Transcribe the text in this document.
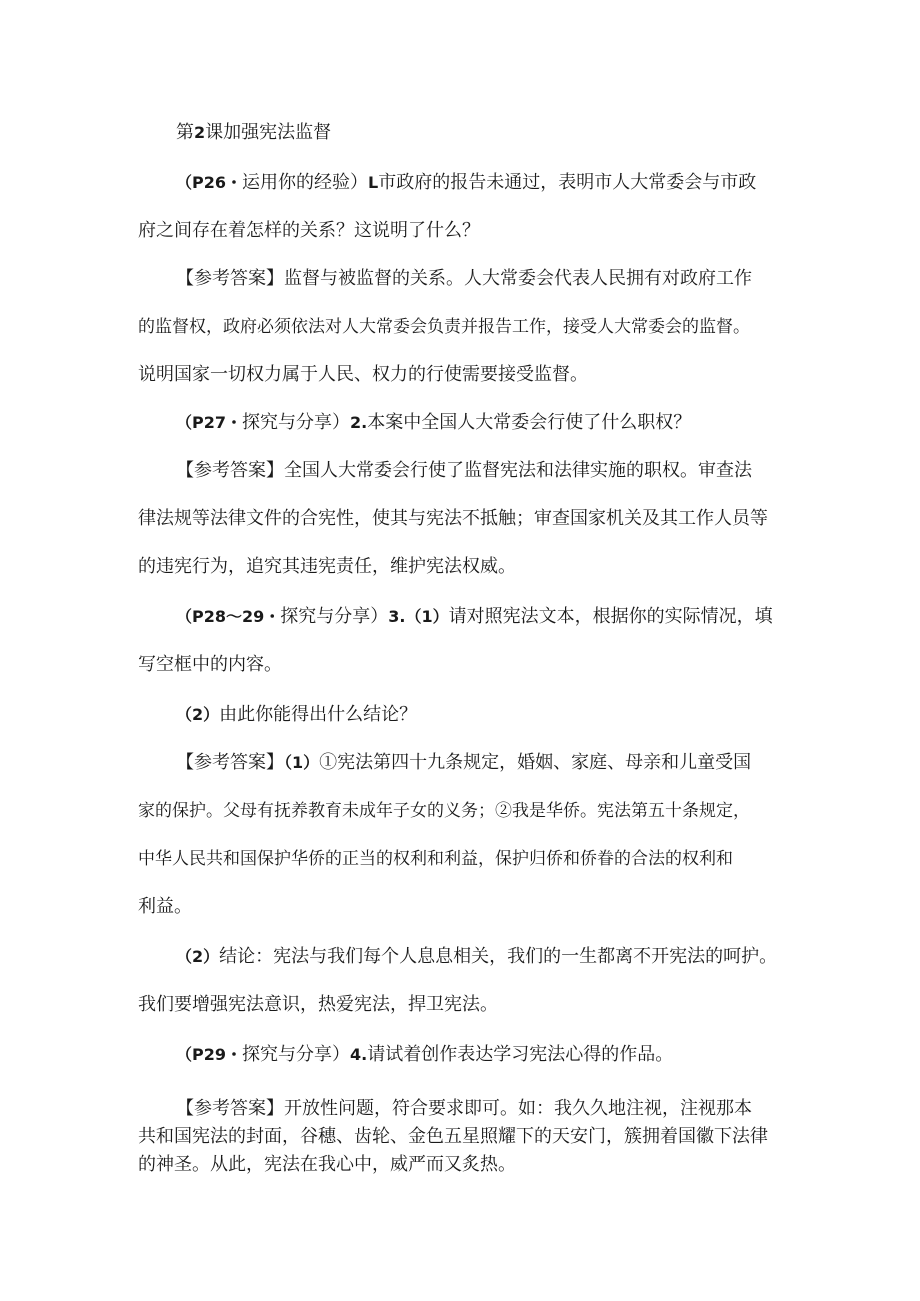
第2课加强宪法监督
（P26・运用你的经验）L市政府的报告未通过，表明市人大常委会与市政
府之间存在着怎样的关系？这说明了什么？
【参考答案】监督与被监督的关系。人大常委会代表人民拥有对政府工作
的监督权，政府必须依法对人大常委会负责并报告工作，接受人大常委会的监督。
说明国家一切权力属于人民、权力的行使需要接受监督。
（P27・探究与分享）2.本案中全国人大常委会行使了什么职权？
【参考答案】全国人大常委会行使了监督宪法和法律实施的职权。审查法
律法规等法律文件的合宪性，使其与宪法不抵触；审查国家机关及其工作人员等
的违宪行为，追究其违宪责任，维护宪法权威。
（P28〜29・探究与分享）3.（1）请对照宪法文本，根据你的实际情况，填
写空框中的内容。
（2）由此你能得出什么结论？
【参考答案】（1）①宪法第四十九条规定，婚姻、家庭、母亲和儿童受国
家的保护。父母有抚养教育未成年子女的义务；②我是华侨。宪法第五十条规定，
中华人民共和国保护华侨的正当的权利和利益，保护归侨和侨眷的合法的权利和
利益。
（2）结论：宪法与我们每个人息息相关，我们的一生都离不开宪法的呵护。
我们要增强宪法意识，热爱宪法，捍卫宪法。
（P29・探究与分享）4.请试着创作表达学习宪法心得的作品。
【参考答案】开放性问题，符合要求即可。如：我久久地注视，注视那本
共和国宪法的封面，谷穗、齿轮、金色五星照耀下的天安门，簇拥着国徽下法律
的神圣。从此，宪法在我心中，威严而又炙热。
